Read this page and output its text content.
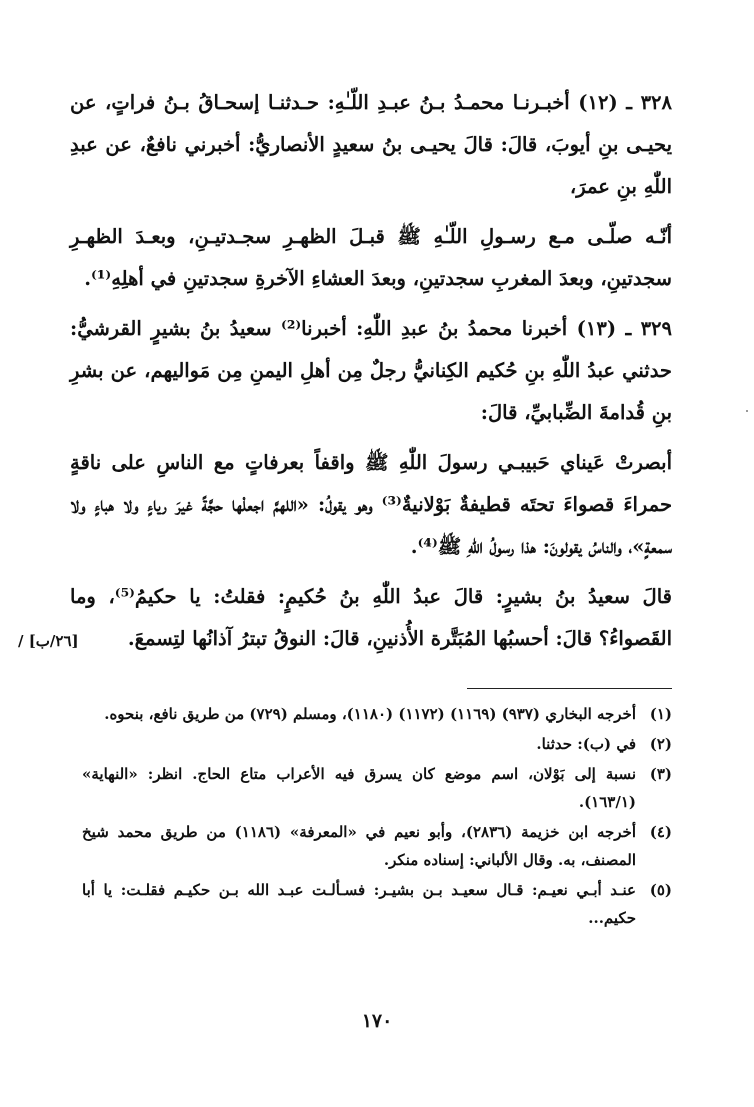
٣٢٨ ـ (١٢) أخبـرنـا محمـدُ بـنُ عبـدِ اللّـٰهِ: حـدثنـا إسحـاقُ بـنُ فراتٍ، عن يحيـى بنِ أيوبَ، قالَ: قالَ يحيـى بنُ سعيدٍ الأنصاريُّ: أخبرني نافعٌ، عن عبدِ اللّٰهِ بنِ عمرَ،

أنّـه صلّـى مـع رسـولِ اللّـٰهِ ﷺ قبـلَ الظهـرِ سجـدتيـنِ، وبعـدَ الظهـرِ سجدتينِ، وبعدَ المغربِ سجدتينِ، وبعدَ العشاءِ الآخرةِ سجدتينِ في أهلِهِ⁽¹⁾.

٣٢٩ ـ (١٣) أخبرنا محمدُ بنُ عبدِ اللّٰهِ: أخبرنا⁽²⁾ سعيدُ بنُ بشيرٍ القرشيُّ: حدثني عبدُ اللّٰهِ بنِ حُكيم الكِنانيُّ رجلٌ مِن أهلِ اليمنِ مِن مَواليهم، عن بشرِ بنِ قُدامةَ الضِّبابيِّ، قالَ:

أبصرتْ عَيناي حَبيبـي رسولَ اللّٰهِ ﷺ واقفاً بعرفاتٍ مع الناسِ على ناقةٍ حمراءَ قصواءَ تحتَه قطيفةٌ بَوْلانيةٌ⁽³⁾ وهو يقولُ: «اللهمَّ اجعلْها حجَّةً غيرَ رياءٍ ولا هباءٍ ولا سمعةٍ»، والناسُ يقولونَ: هذا رسولُ اللّٰهِ ﷺ⁽⁴⁾.

قالَ سعيدُ بنُ بشيرٍ: قالَ عبدُ اللّٰهِ بنُ حُكيمٍ: فقلتُ: يا حكيمُ⁽⁵⁾، وما القَصواءُ؟ قالَ: أحسبُها المُبَتَّرة الأُذنينِ، قالَ: النوقُ تبترُ آذانُها لتِسمعَ.

[٢٦/ب] /
(١)
أخرجه البخاري (٩٣٧) (١١٦٩) (١١٧٢) (١١٨٠)، ومسلم (٧٢٩) من طريق نافع، بنحوه.
(٢)
في (ب): حدثنا.
(٣)
نسبة إلى بَوْلان، اسم موضع كان يسرق فيه الأعراب متاع الحاج. انظر: «النهاية» (١٦٣/١).
(٤)
أخرجه ابن خزيمة (٢٨٣٦)، وأبو نعيم في «المعرفة» (١١٨٦) من طريق محمد شيخ المصنف، به. وقال الألباني: إسناده منكر.
(٥)
عنـد أبـي نعيـم: قـال سعيـد بـن بشيـر: فسـألـت عبـد الله بـن حكيـم فقلـت: يا أبا حكيم...
١٧٠
